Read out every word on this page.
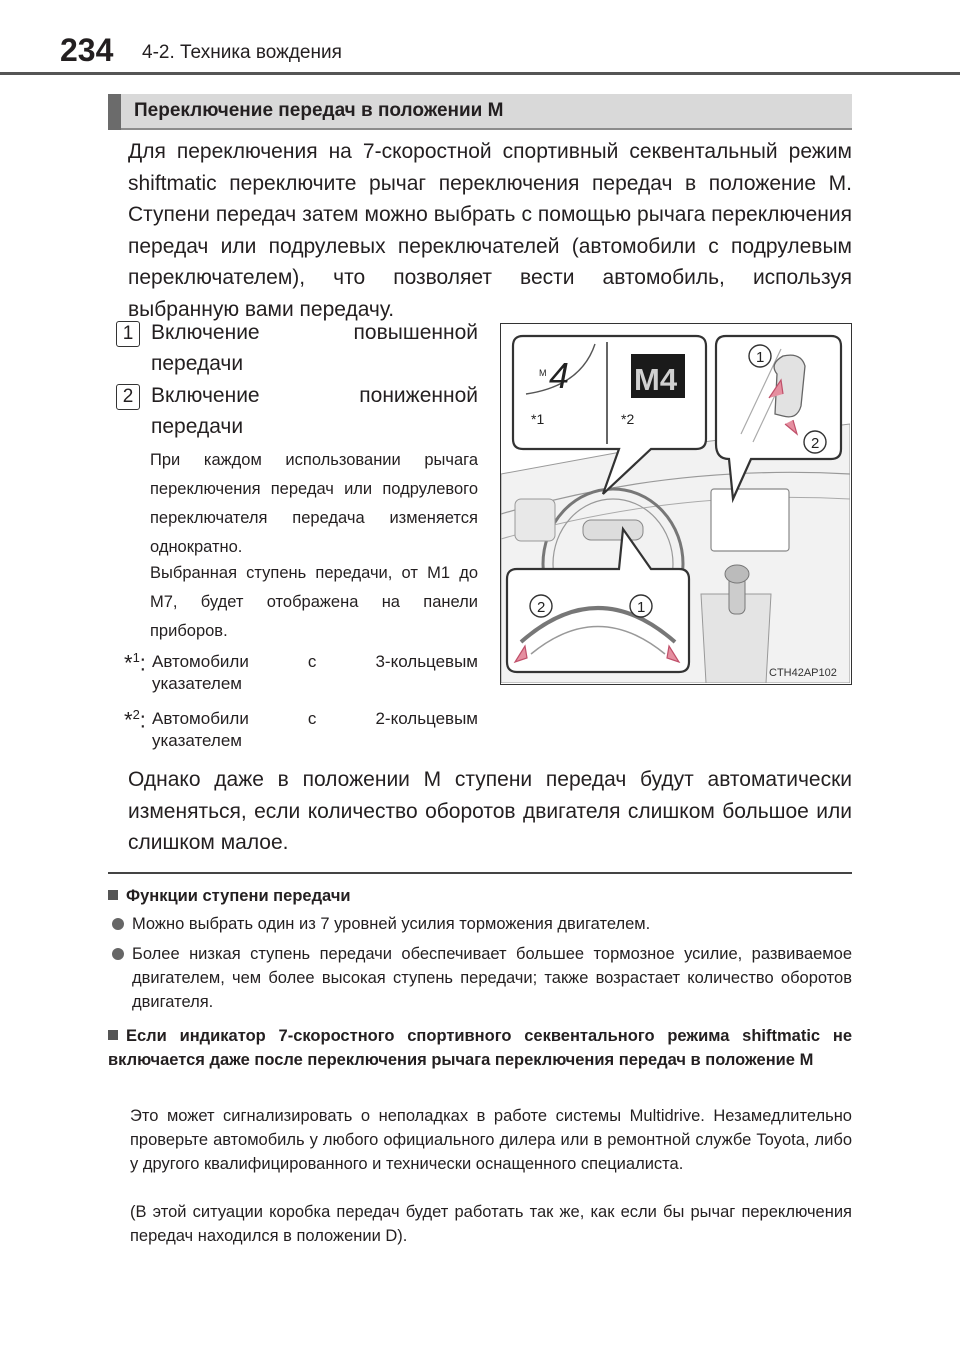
234 4-2. Техника вождения
Переключение передач в положении M

Для переключения на 7-скоростной спортивный секвентальный режим shiftmatic переключите рычаг переключения передач в положение M. Ступени передач затем можно выбрать с помощью рычага переключения передач или подрулевых переключателей (автомобили с подрулевым переключателем), что позволяет вести автомобиль, используя выбранную вами передачу.

1 Включение повышенной
передачи
2 Включение пониженной
передачи

При каждом использовании рычага переключения передач или подрулевого переключателя передача изменяется однократно.

Выбранная ступень передачи, от M1 до M7, будет отображена на панели приборов.

*$^1$: Автомобили с 3-кольцевым
указателем
*$^2$: Автомобили с 2-кольцевым
указателем
M 4 M4
*1	*2
1
2
2	1
CTH42AP102

Однако даже в положении M ступени передач будут автоматически изменяться, если количество оборотов двигателя слишком большое или слишком малое.

Функции ступени передачи
Можно выбрать один из 7 уровней усилия торможения двигателем.
Более низкая ступень передачи обеспечивает большее тормозное усилие, развиваемое двигателем, чем более высокая ступень передачи; также возрастает количество оборотов двигателя.
Если индикатор 7-скоростного спортивного секвентального режима shiftmatic не включается даже после переключения рычага переключения передач в положение M

Это может сигнализировать о неполадках в работе системы Multidrive. Незамедлительно проверьте автомобиль у любого официального дилера или в ремонтной службе Toyota, либо у другого квалифицированного и технически оснащенного специалиста.

(В этой ситуации коробка передач будет работать так же, как если бы рычаг переключения передач находился в положении D).
